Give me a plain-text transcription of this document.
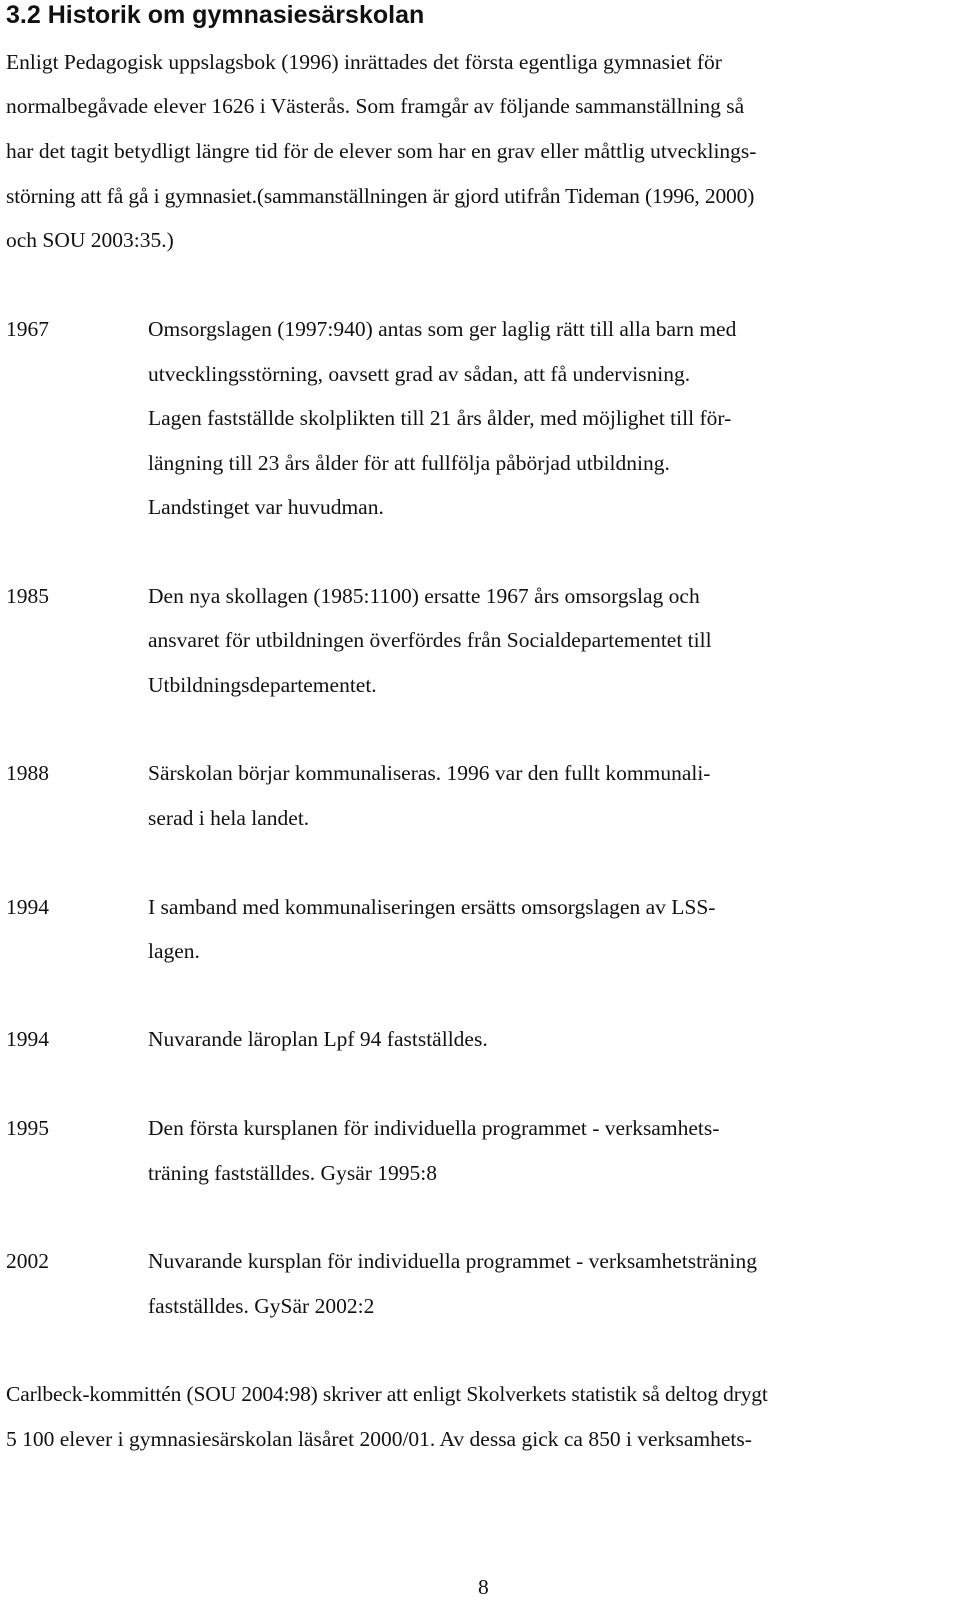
3.2 Historik om gymnasiesärskolan

Enligt Pedagogisk uppslagsbok (1996) inrättades det första egentliga gymnasiet för

normalbegåvade elever 1626 i Västerås. Som framgår av följande sammanställning så

har det tagit betydligt längre tid för de elever som har en grav eller måttlig utvecklings-

störning att få gå i gymnasiet.(sammanställningen är gjord utifrån Tideman (1996, 2000)

och SOU 2003:35.)

1967	Omsorgslagen (1997:940) antas som ger laglig rätt till alla barn med

utvecklingsstörning, oavsett grad av sådan, att få undervisning.

Lagen fastställde skolplikten till 21 års ålder, med möjlighet till för-

längning till 23 års ålder för att fullfölja påbörjad utbildning.

Landstinget var huvudman.

1985	Den nya skollagen (1985:1100) ersatte 1967 års omsorgslag och

ansvaret för utbildningen överfördes från Socialdepartementet till

Utbildningsdepartementet.

1988	Särskolan börjar kommunaliseras. 1996 var den fullt kommunali-

serad i hela landet.

1994	I samband med kommunaliseringen ersätts omsorgslagen av LSS-

lagen.

1994	Nuvarande läroplan Lpf 94 fastställdes.

1995	Den första kursplanen för individuella programmet - verksamhets-

träning fastställdes. Gysär 1995:8

2002	Nuvarande kursplan för individuella programmet - verksamhetsträning

fastställdes. GySär 2002:2

Carlbeck-kommittén (SOU 2004:98) skriver att enligt Skolverkets statistik så deltog drygt

5 100 elever i gymnasiesärskolan läsåret 2000/01. Av dessa gick ca 850 i verksamhets-

8
